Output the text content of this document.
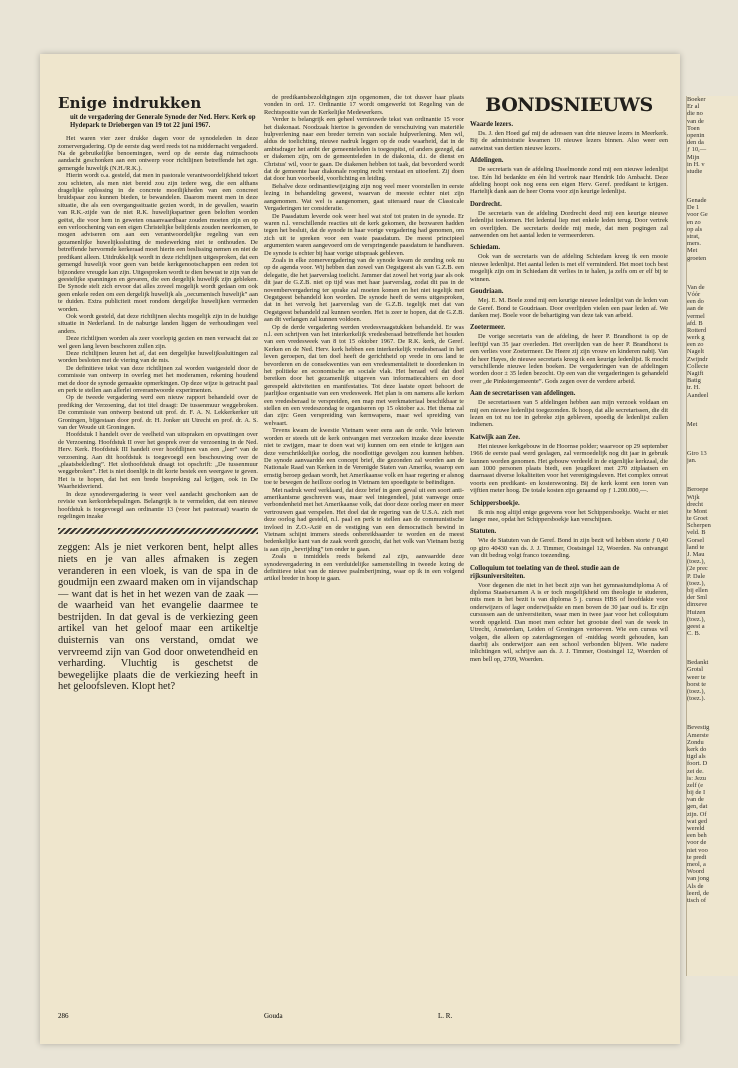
Enige indrukken
uit de vergadering der Generale Synode der Ned. Herv. Kerk op Hydepark te Driebergen van 19 tot 22 juni 1967.

Het waren vier zeer drukke dagen voor de synodeleden in deze zomervergadering. Op de eerste dag werd reeds tot na middernacht vergaderd. Na de gebruikelijke benoemingen, werd op de eerste dag ruimschoots aandacht geschonken aan een ontwerp voor richtlijnen betreffende het zgn. gemengde huwelijk (N.H./R.K.).

Hierin wordt o.a. gesteld, dat men in pastorale verantwoordelijkheid tekort zou schieten, als men niet bereid zou zijn iedere weg, die een althans dragelijke oplossing in de concrete moeilijkheden van een concreet bruidspaar zou kunnen bieden, te bewandelen. Daarom meent men in deze situatie, die als een overgangssituatie gezien wordt, in de gevallen, waarin van R.K.-zijde van de niet R.K. huwelijkspartner geen beloften worden geëist, die voor hem in geweten onaanvaardbaar zouden moeten zijn en op een verloochening van een eigen Christelijke belijdenis zouden neerkomen, te mogen adviseren om aan een verantwoordelijke regeling van een gezamenlijke huwelijkssluiting de medewerking niet te onthouden. De betreffende hervormde kerkeraad moet hierin een beslissing nemen en niet de predikant alleen. Uitdrukkelijk wordt in deze richtlijnen uitgesproken, dat een gemengd huwelijk voor geen van beide kerkgenootschappen een reden tot bijzondere vreugde kan zijn. Uitgesproken wordt te dien bewust te zijn van de geestelijke spanningen en gevaren, die een dergelijk huwelijk zijn gebleken. De Synode stelt zich ervoor dat alles zoveel mogelijk wordt gedaan om ook geen enkele reden om een dergelijk huwelijk als „oecumenisch huwelijk” aan te duiden. Extra publiciteit moet rondom dergelijke huwelijken vermeden worden.

Ook wordt gesteld, dat deze richtlijnen slechts mogelijk zijn in de huidige situatie in Nederland. In de naburige landen liggen de verhoudingen veel anders.

Deze richtlijnen worden als zeer voorlopig gezien en men verwacht dat ze wel geen lang leven beschoren zullen zijn.

Deze richtlijnen leuren het af, dat een dergelijke huwelijkssluitingen zal worden besloten met de viering van de mis.

De definitieve tekst van deze richtlijnen zal worden vastgesteld door de commissie van ontwerp in overleg met het moderamen, rekening houdend met de door de synode gemaakte opmerkingen. Op deze wijze is getracht paal en perk te stellen aan allerlei onverantwoorde experimenten.

Op de tweede vergadering werd een nieuw rapport behandeld over de prediking der Verzoening, dat tot titel draagt: De tussenmuur weggebroken. De commissie van ontwerp bestond uit prof. dr. F. A. N. Lekkerkerker uit Groningen, bijgestaan door prof. dr. H. Jonker uit Utrecht en prof. dr. A. S. van der Woude uit Groningen.

Hoofdstuk I handelt over de veelheid van uitspraken en opvattingen over de Verzoening. Hoofdstuk II over het gesprek over de verzoening in de Ned. Herv. Kerk. Hoofdstuk III handelt over hoofdlijnen van een „leer” van de verzoening. Aan dit hoofdstuk is toegevoegd een beschouwing over de „plaatsbekleding”. Het slothoofdstuk draagt tot opschrift: „De tussenmuur weggebroken”. Het is niet doenlijk in dit korte bestek een weergave te geven. Het is te hopen, dat het een brede bespreking zal krijgen, ook in De Waarheidsvriend.

In deze synodevergadering is weer veel aandacht geschonken aan de revisie van kerkordebepalingen. Belangrijk is te vermelden, dat een nieuwe hoofdstuk is toegevoegd aan ordinantie 13 (voor het pastoraat) waarin de regelingen inzake

zeggen: Als je niet verkoren bent, helpt alles niets en je van alles afmaken is zegen veranderen in een vloek, is van de spa in de goudmijn een zwaard maken om in vijandschap — want dat is het in het wezen van de zaak — de waarheid van het evangelie daarmee te bestrijden. In dat geval is de verkiezing geen artikel van het geloof maar een artikeltje duisternis van ons verstand, omdat we vervreemd zijn van God door onwetendheid en verharding. Vluchtig is geschetst de bewegelijke plaats die de verkiezing heeft in het geloofsleven. Klopt het?

de predikantsbezoldigingen zijn opgenomen, die tot dusver haar plaats vonden in ord. 17. Ordinantie 17 wordt omgewerkt tot Regeling van de Rechtspositie van de Kerkelijke Medewerkers.

Verder is belangrijk een geheel vernieuwde tekst van ordinantie 15 voor het diakonaat. Noodzaak hiertoe is gevonden de verschuiving van materiële hulpverlening naar een breder terrein van sociale hulpverlening. Men wil, aldus de toelichting, nieuwe nadruk leggen op de oude waarheid, dat in de ambtsdrager het ambt der gemeenteleden is toegespitst, of anders gezegd, dat er diakenen zijn, om de gemeenteleden in de diakonia, d.i. de dienst en Christus' wil, voor te gaan. De diakenen hebben tot taak, dat bevorderd wordt dat de gemeente haar diakonale roeping recht verstaat en uitoefent. Zij doen dat door hun voorbeeld, voorlichting en leiding.

Behalve deze ordinantiewijziging zijn nog veel meer voorstellen in eerste lezing in behandeling geweest, waarvan de meeste echter niet zijn aangenomen. Wat wel is aangenomen, gaat uiteraard naar de Classicale Vergaderingen ter consideratie.

De Paasdatum leverde ook weer heel wat stof tot praten in de synode. Er waren n.l. verschillende reacties uit de kerk gekomen, die bezwaren hadden tegen het besluit, dat de synode in haar vorige vergadering had genomen, om zich uit te spreken voor een vaste paasdatum. De meest principieel argumenten waren aangevoerd om de verspringende paasdatum te handhaven. De synode is echter bij haar vorige uitspraak gebleven.

Zoals in elke zomervergadering van de synode kwam de zending ook nu op de agenda voor. Wij hebben dan zowel van Oegstgeest als van G.Z.B. een delegatie, die het jaarverslag toelicht. Jammer dat zowel het vorig jaar als ook dit jaar de G.Z.B. niet op tijd was met haar jaarverslag, zodat dit pas in de novembervergadering ter sprake zal moeten komen en het niet tegelijk met Oegstgeest behandeld kon worden. De synode heeft de wens uitgesproken, dat in het vervolg het jaarverslag van de G.Z.B. tegelijk met dat van Oegstgeest behandeld zal kunnen worden. Het is zeer te hopen, dat de G.Z.B. aan dit verlangen zal kunnen voldoen.

Op de derde vergadering werden vredesvraagstukken behandeld. Er was n.l. een schrijven van het interkerkelijk vredesberaad betreffende het houden van een vredesweek van 8 tot 15 oktober 1967. De R.K. kerk, de Geref. Kerken en de Ned. Herv. kerk hebben een interkerkelijk vredesberaad in het leven geroepen, dat ten doel heeft de gerichtheid op vrede in ons land te bevorderen en de consekwenties van een vredesmentaliteit te doordenken in het politieke en economische en sociale vlak. Het beraad wil dat doel bereiken door het gezamenlijk uitgeven van informatiecahiers en door gerespeld aktiviteiten en manifestaties. Tot deze laatste opzet behoort de jaarlijkse organisatie van een vredesweek. Het plan is om namens alle kerken een vredesberaad te verspreiden, een map met werkmateriaal beschikbaar te stellen en een vredeszondag te organiseren op 15 oktober a.s. Het thema zal dan zijn: Geen verspreiding van kernwapens, maar wel spreiding van welvaart.

Tevens kwam de kwestie Vietnam weer eens aan de orde. Vele brieven worden er steeds uit de kerk ontvangen met verzoeken inzake deze kwestie niet te zwijgen, maar te doen wat wij kunnen om een einde te krijgen aan deze verschrikkelijke oorlog, die noodlottige gevolgen zou kunnen hebben. De synode aanvaardde een concept brief, die gezonden zal worden aan de Nationale Raad van Kerken in de Verenigde Staten van Amerika, waarop een ernstig beroep gedaan wordt, het Amerikaanse volk en haar regering er alsnog toe te bewegen de heilloze oorlog in Vietnam ten spoedigste te beëindigen.

Met nadruk werd verklaard, dat deze brief in geen geval uit een soort anti-amerikanisme geschreven was, maar wel integendeel, juist vanwege onze verbondenheid met het Amerikaanse volk, dat door deze oorlog meer en meer vertrouwen gaat verspelen. Het doel dat de regering van de U.S.A. zich met deze oorlog had gesteld, n.l. paal en perk te stellen aan de communistische invloed in Z.O.-Azië en de vestiging van een democratisch bewind in Vietnam schijnt immers steeds onbereikbaarder te worden en de meest bedenkelijke kant van de zaak wordt gezocht, dat het volk van Vietnam bezig is aan zijn „bevrijding” ten onder te gaan.

Zoals u inmiddels reeds bekend zal zijn, aanvaardde deze synodevergadering in een verduidelijke samenstelling in tweede lezing de definitieve tekst van de nieuwe psalmberijming, waar op ik in een volgend artikel breder in hoop te gaan.

BONDSNIEUWS
Waarde lezers.

Ds. J. den Hoed gaf mij de adressen van drie nieuwe lezers in Meerkerk. Bij de administratie kwamen 10 nieuwe lezers binnen. Also weer een aanwinst van dertien nieuwe lezers.

Afdelingen.

De secretaris van de afdeling IJsselmonde zond mij een nieuwe ledenlijst toe. Eén lid bedankte en één lid vertrok naar Hendrik Ido Ambacht. Deze afdeling hoopt ook nog eens een eigen Herv. Geref. predikant te krijgen. Hartelijk dank aan de heer Ooms voor zijn keurige ledenlijst.

Dordrecht.

De secretaris van de afdeling Dordrecht deed mij een keurige nieuwe ledenlijst toekomen. Het ledental liep met enkele leden terug. Door vertrek en overlijden. De secretaris deelde mij mede, dat men pogingen zal aanwenden om het aantal leden te vermeerderen.

Schiedam.

Ook van de secretaris van de afdeling Schiedam kreeg ik een mooie nieuwe ledenlijst. Het aantal leden is met elf verminderd. Het moet toch best mogelijk zijn om in Schiedam dit verlies in te halen, ja zelfs om er elf bij te winnen.

Goudriaan.

Mej. E. M. Boele zond mij een keurige nieuwe ledenlijst van de leden van de Geref. Bond te Goudriaan. Door overlijden vielen een paar leden af. We danken mej. Boele voor de behartiging van deze tak van arbeid.

Zoetermeer.

De vorige secretaris van de afdeling, de heer P. Brandhorst is op de leeftijd van 35 jaar overleden. Het overlijden van de heer P. Brandhorst is een verlies voor Zoetermeer. De Heere zij zijn vrouw en kinderen nabij. Van de heer Hayes, de nieuwe secretaris kreeg ik een keurige ledenlijst. Ik mocht verschillende nieuwe leden boeken. De vergaderingen van de afdelingen worden door ± 35 leden bezocht. Op een van die vergaderingen is gehandeld over „de Pinkstergemeente”. Gods zegen over de verdere arbeid.

Aan de secretarissen van afdelingen.

De secretarissen van 5 afdelingen hebben aan mijn verzoek voldaan en mij een nieuwe ledenlijst toegezonden. Ik hoop, dat alle secretarissen, die dit lezen en tot nu toe in gebreke zijn gebleven, spoedig de ledenlijst zullen indienen.

Katwijk aan Zee.

Het nieuwe kerkgebouw in de Hoornse polder; waarvoor op 29 september 1966 de eerste paal werd geslagen, zal vermoedelijk nog dit jaar in gebruik kunnen worden genomen. Het gebouw verdeeld in de eigenlijke kerkzaal, die aan 1000 personen plaats biedt, een jeugdkeet met 270 zitplaatsen en daarnaast diverse lokaliteiten voor het verenigingsleven. Het complex omvat voorts een predikant- en kosterswoning. Bij de kerk komt een toren van vijftien meter hoog. De totale kosten zijn geraamd op ƒ 1.200.000,—.

Schippersboekje.

Ik mis nog altijd enige gegevens voor het Schippersboekje. Wacht er niet langer mee, opdat het Schippersboekje kan verschijnen.

Statuten.

Wie de Statuten van de Geref. Bond in zijn bezit wil hebben storte ƒ 0,40 op giro 40430 van ds. J. J. Timmer, Oostsingel 12, Woerden. Na ontvangst van dit bedrag volgt franco toezending.

Colloquium tot toelating van de theol. studie aan de rijksuniversiteiten.

Voor degenen die niet in het bezit zijn van het gymnasiumdiploma A of diploma Staatsexamen A is er toch mogelijkheid om theologie te studeren, mits men in het bezit is van diploma 5 j. cursus HBS of hoofdakte voor onderwijzers of lager onderwijsakte en men boven de 30 jaar oud is. Er zijn cursussen aan de universiteiten, waar men in twee jaar voor het colloquium wordt opgeleid. Dan moet men echter het grootste deel van de week in Utrecht, Amsterdam, Leiden of Groningen vertoeven. Wie een cursus wil volgen, die alleen op zaterdagmorgen of -middag wordt gehouden, kan daarbij als onderwijzer aan een school verbonden blijven. Wie nadere inlichtingen wil, schrijve aan ds. J. J. Timmer, Oostsingel 12, Woerden of men bell op, 2709, Woerden.

286	Gouda	L. R.
Boeker
Er al
die no
van de
Toen
openin
den da
ƒ 10,—
Mijn
in H. v
studie
Genade
De 1
voor Ge
en zo
op als
strat,
mers.
Met
groeten
Van de
Vóór
een do
aan de
vermel
afd. B
Rotterd
werk g
een zo
Nagelt
Zwijndr
Collecte
Nagift
Batig
tr. H.
Aandeel
Met
Giro 13
jan.
Beroepe
Wijk
drecht
te Mont
te Groet
Scherpen
veld. B
Gorsel
land te
J. Mau
(toez.),
(2e prec
P. Dale
(toez.),
bij ellen
der Sml
dinxeve
Huizen
(toez.),
geest a
C. B.
Bedankt
Grotsl
weer te
borst te
(toez.),
(toez.).
Bevestig
Amerste
Zondu
kerk do
tigd als
foort. D
zei de.
is: Jezu
zelf (e
bij de I
van de
gen, dat
zijn. Of
wat ged
wereld
een beh
voor de
niet voo
te predi
meol, a
Woord
van jong
Als de
leerd, de
tisch of
